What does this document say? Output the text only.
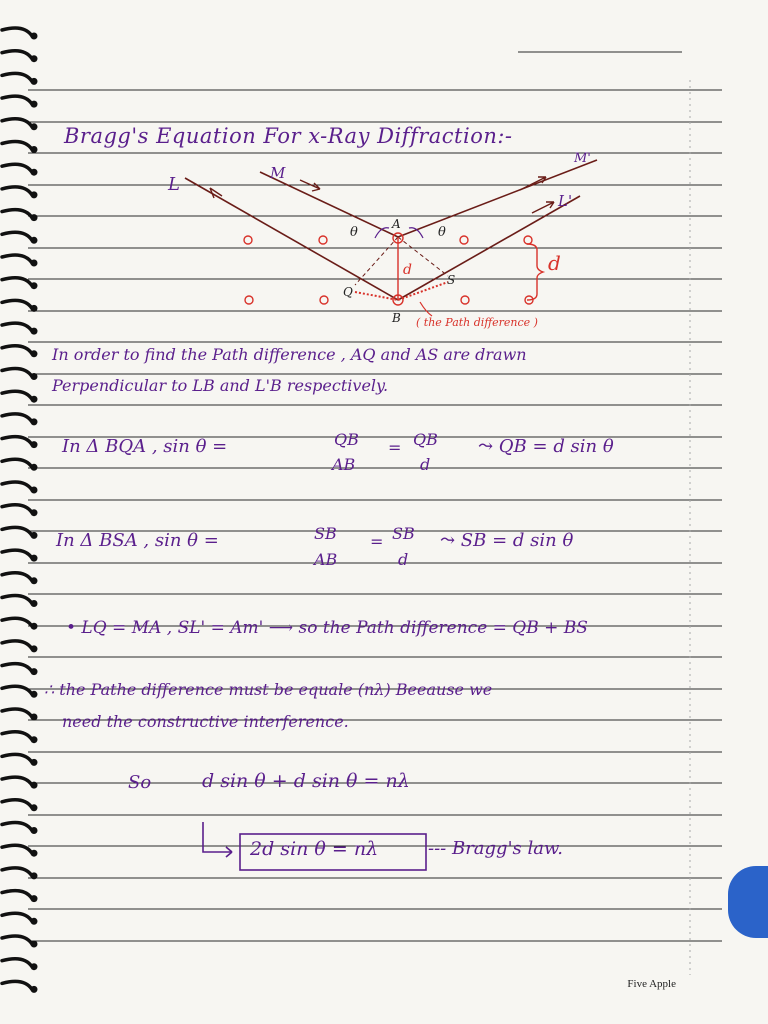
L
M
M'
L'
A
B
Q
S
θ	θ
d	d
( the Path difference )
Bragg's Equation For x-Ray Diffraction:-
In order to find the Path difference , AQ and AS are drawn
Perpendicular to LB and L'B respectively.
In Δ BQA , sin θ =	QB
AB
= QB
d
⤳ QB = d sin θ
In Δ BSA , sin θ =	SB
AB
= SB
d
⤳ SB = d sin θ
• LQ = MA , SL' = Am' ⟶ so the Path difference = QB + BS
∴ the Pathe difference must be equale (nλ) Beeause we
need the constructive interference.
So	d sin θ + d sin θ = nλ
2d sin θ = nλ	--- Bragg's law.
Five Apple
